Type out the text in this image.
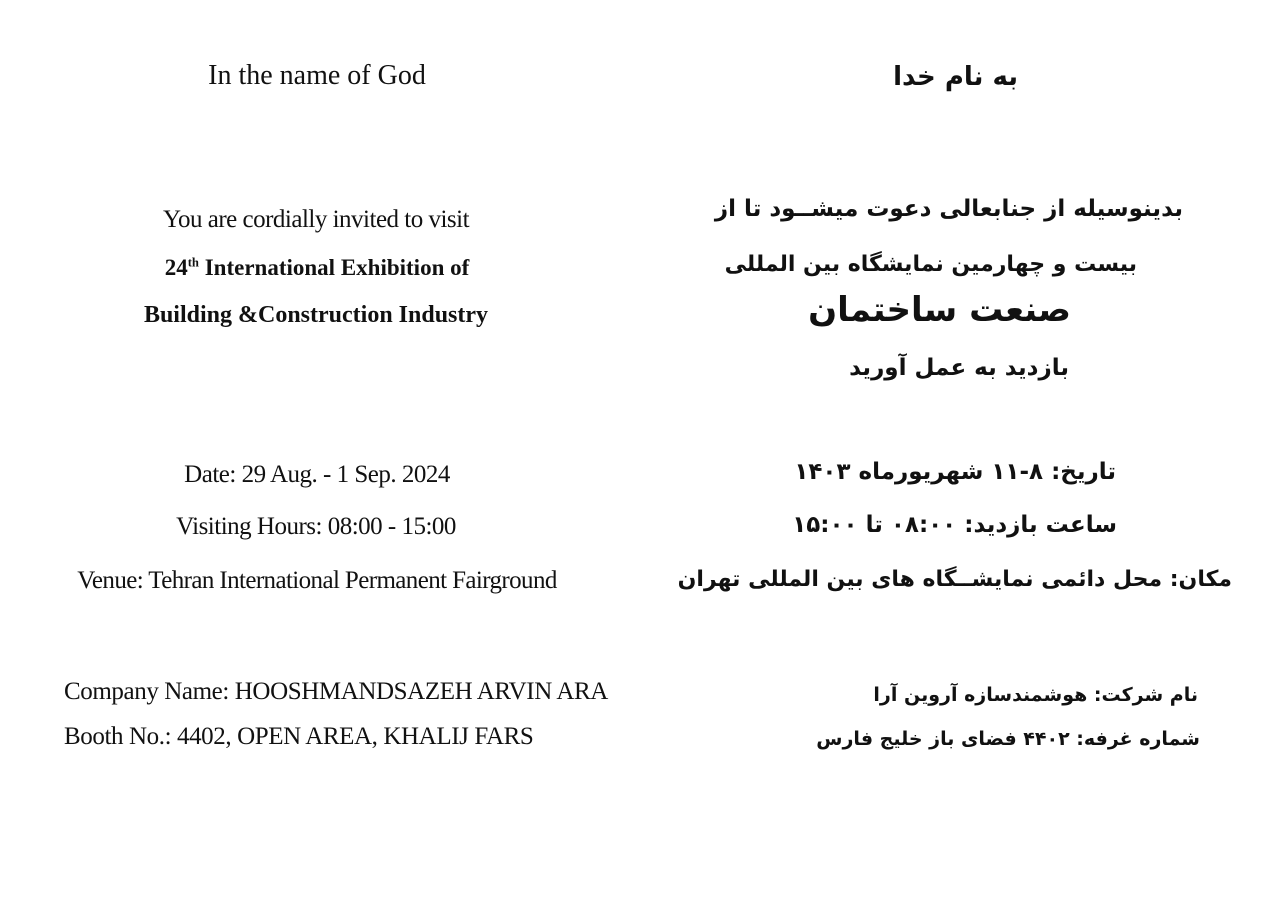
In the name of God
You are cordially invited to visit
24th International Exhibition of
Building &Construction Industry
Date: 29 Aug. - 1 Sep. 2024
Visiting Hours: 08:00 - 15:00
Venue: Tehran International Permanent Fairground
Company Name: HOOSHMANDSAZEH ARVIN ARA
Booth No.: 4402, OPEN AREA, KHALIJ FARS
به نام خدا
بدینوسیله از جنابعالی دعوت میشــود تا از
بیست و چهارمین نمایشگاه بین المللی
صنعت ساختمان
بازدید به عمل آورید
تاریخ: ۸-۱۱ شهریورماه ۱۴۰۳
ساعت بازدید: ۰۸:۰۰ تا ۱۵:۰۰
مکان: محل دائمی نمایشــگاه های بین المللی تهران
نام شرکت: هوشمندسازه آروین آرا
شماره غرفه: ۴۴۰۲ فضای باز خلیج فارس
